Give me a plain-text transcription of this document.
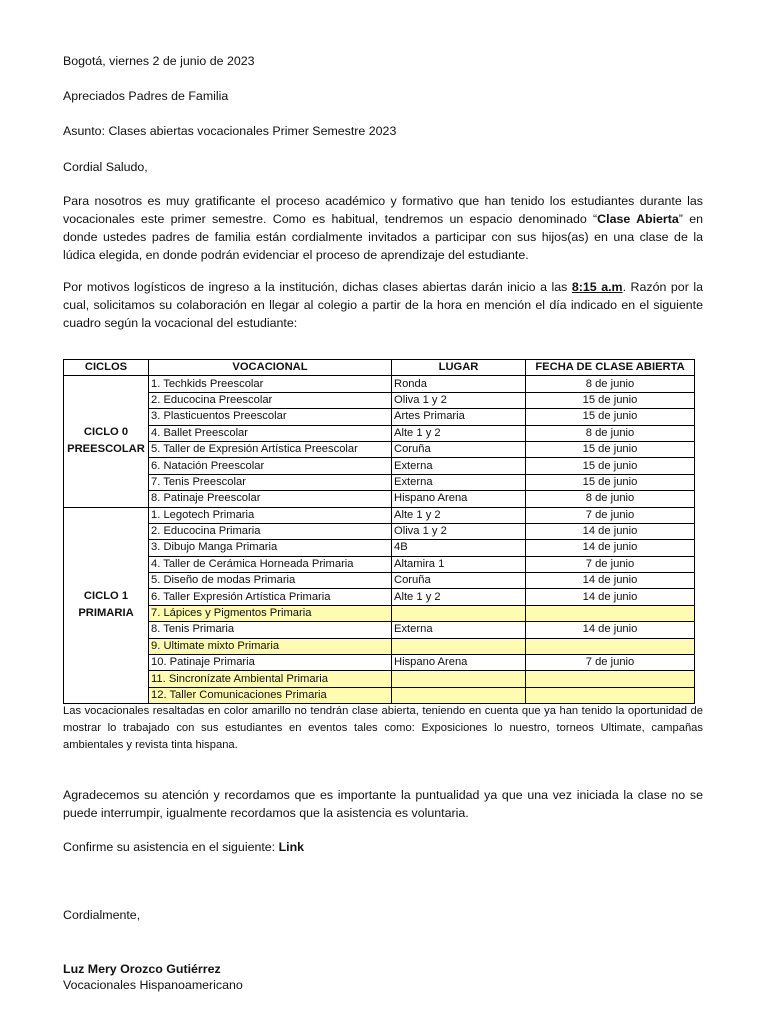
Bogotá, viernes 2 de junio de 2023
Apreciados Padres de Familia
Asunto: Clases abiertas vocacionales Primer Semestre 2023
Cordial Saludo,
Para nosotros es muy gratificante el proceso académico y formativo que han tenido los estudiantes durante las vocacionales este primer semestre. Como es habitual, tendremos un espacio denominado “Clase Abierta” en donde ustedes padres de familia están cordialmente invitados a participar con sus hijos(as) en una clase de la lúdica elegida, en donde podrán evidenciar el proceso de aprendizaje del estudiante.
Por motivos logísticos de ingreso a la institución, dichas clases abiertas darán inicio a las 8:15 a.m. Razón por la cual, solicitamos su colaboración en llegar al colegio a partir de la hora en mención el día indicado en el siguiente cuadro según la vocacional del estudiante:
CICLOS	VOCACIONAL	LUGAR	FECHA DE CLASE ABIERTA
CICLO 0 PREESCOLAR	1. Techkids Preescolar	Ronda	8 de junio
	2. Educocina Preescolar	Oliva 1 y 2	15 de junio
	3. Plasticuentos Preescolar	Artes Primaria	15 de junio
	4. Ballet Preescolar	Alte 1 y 2	8 de junio
	5. Taller de Expresión Artística Preescolar	Coruña	15 de junio
	6. Natación Preescolar	Externa	15 de junio
	7. Tenis Preescolar	Externa	15 de junio
	8. Patinaje Preescolar	Hispano Arena	8 de junio
CICLO 1 PRIMARIA	1. Legotech Primaria	Alte 1 y 2	7 de junio
	2. Educocina Primaria	Oliva 1 y 2	14 de junio
	3. Dibujo Manga Primaria	4B	14 de junio
	4. Taller de Cerámica Horneada Primaria	Altamira 1	7 de junio
	5. Diseño de modas Primaria	Coruña	14 de junio
	6. Taller Expresión Artística Primaria	Alte 1 y 2	14 de junio
	7. Lápices y Pigmentos Primaria		
	8. Tenis Primaria	Externa	14 de junio
	9. Ultimate mixto Primaria		
	10. Patinaje Primaria	Hispano Arena	7 de junio
	11. Sincronízate Ambiental Primaria		
	12. Taller Comunicaciones Primaria		
Las vocacionales resaltadas en color amarillo no tendrán clase abierta, teniendo en cuenta que ya han tenido la oportunidad de mostrar lo trabajado con sus estudiantes en eventos tales como: Exposiciones lo nuestro, torneos Ultimate, campañas ambientales y revista tinta hispana.
Agradecemos su atención y recordamos que es importante la puntualidad ya que una vez iniciada la clase no se puede interrumpir, igualmente recordamos que la asistencia es voluntaria.
Confirme su asistencia en el siguiente: Link
Cordialmente,
Luz Mery Orozco Gutiérrez
Vocacionales Hispanoamericano
